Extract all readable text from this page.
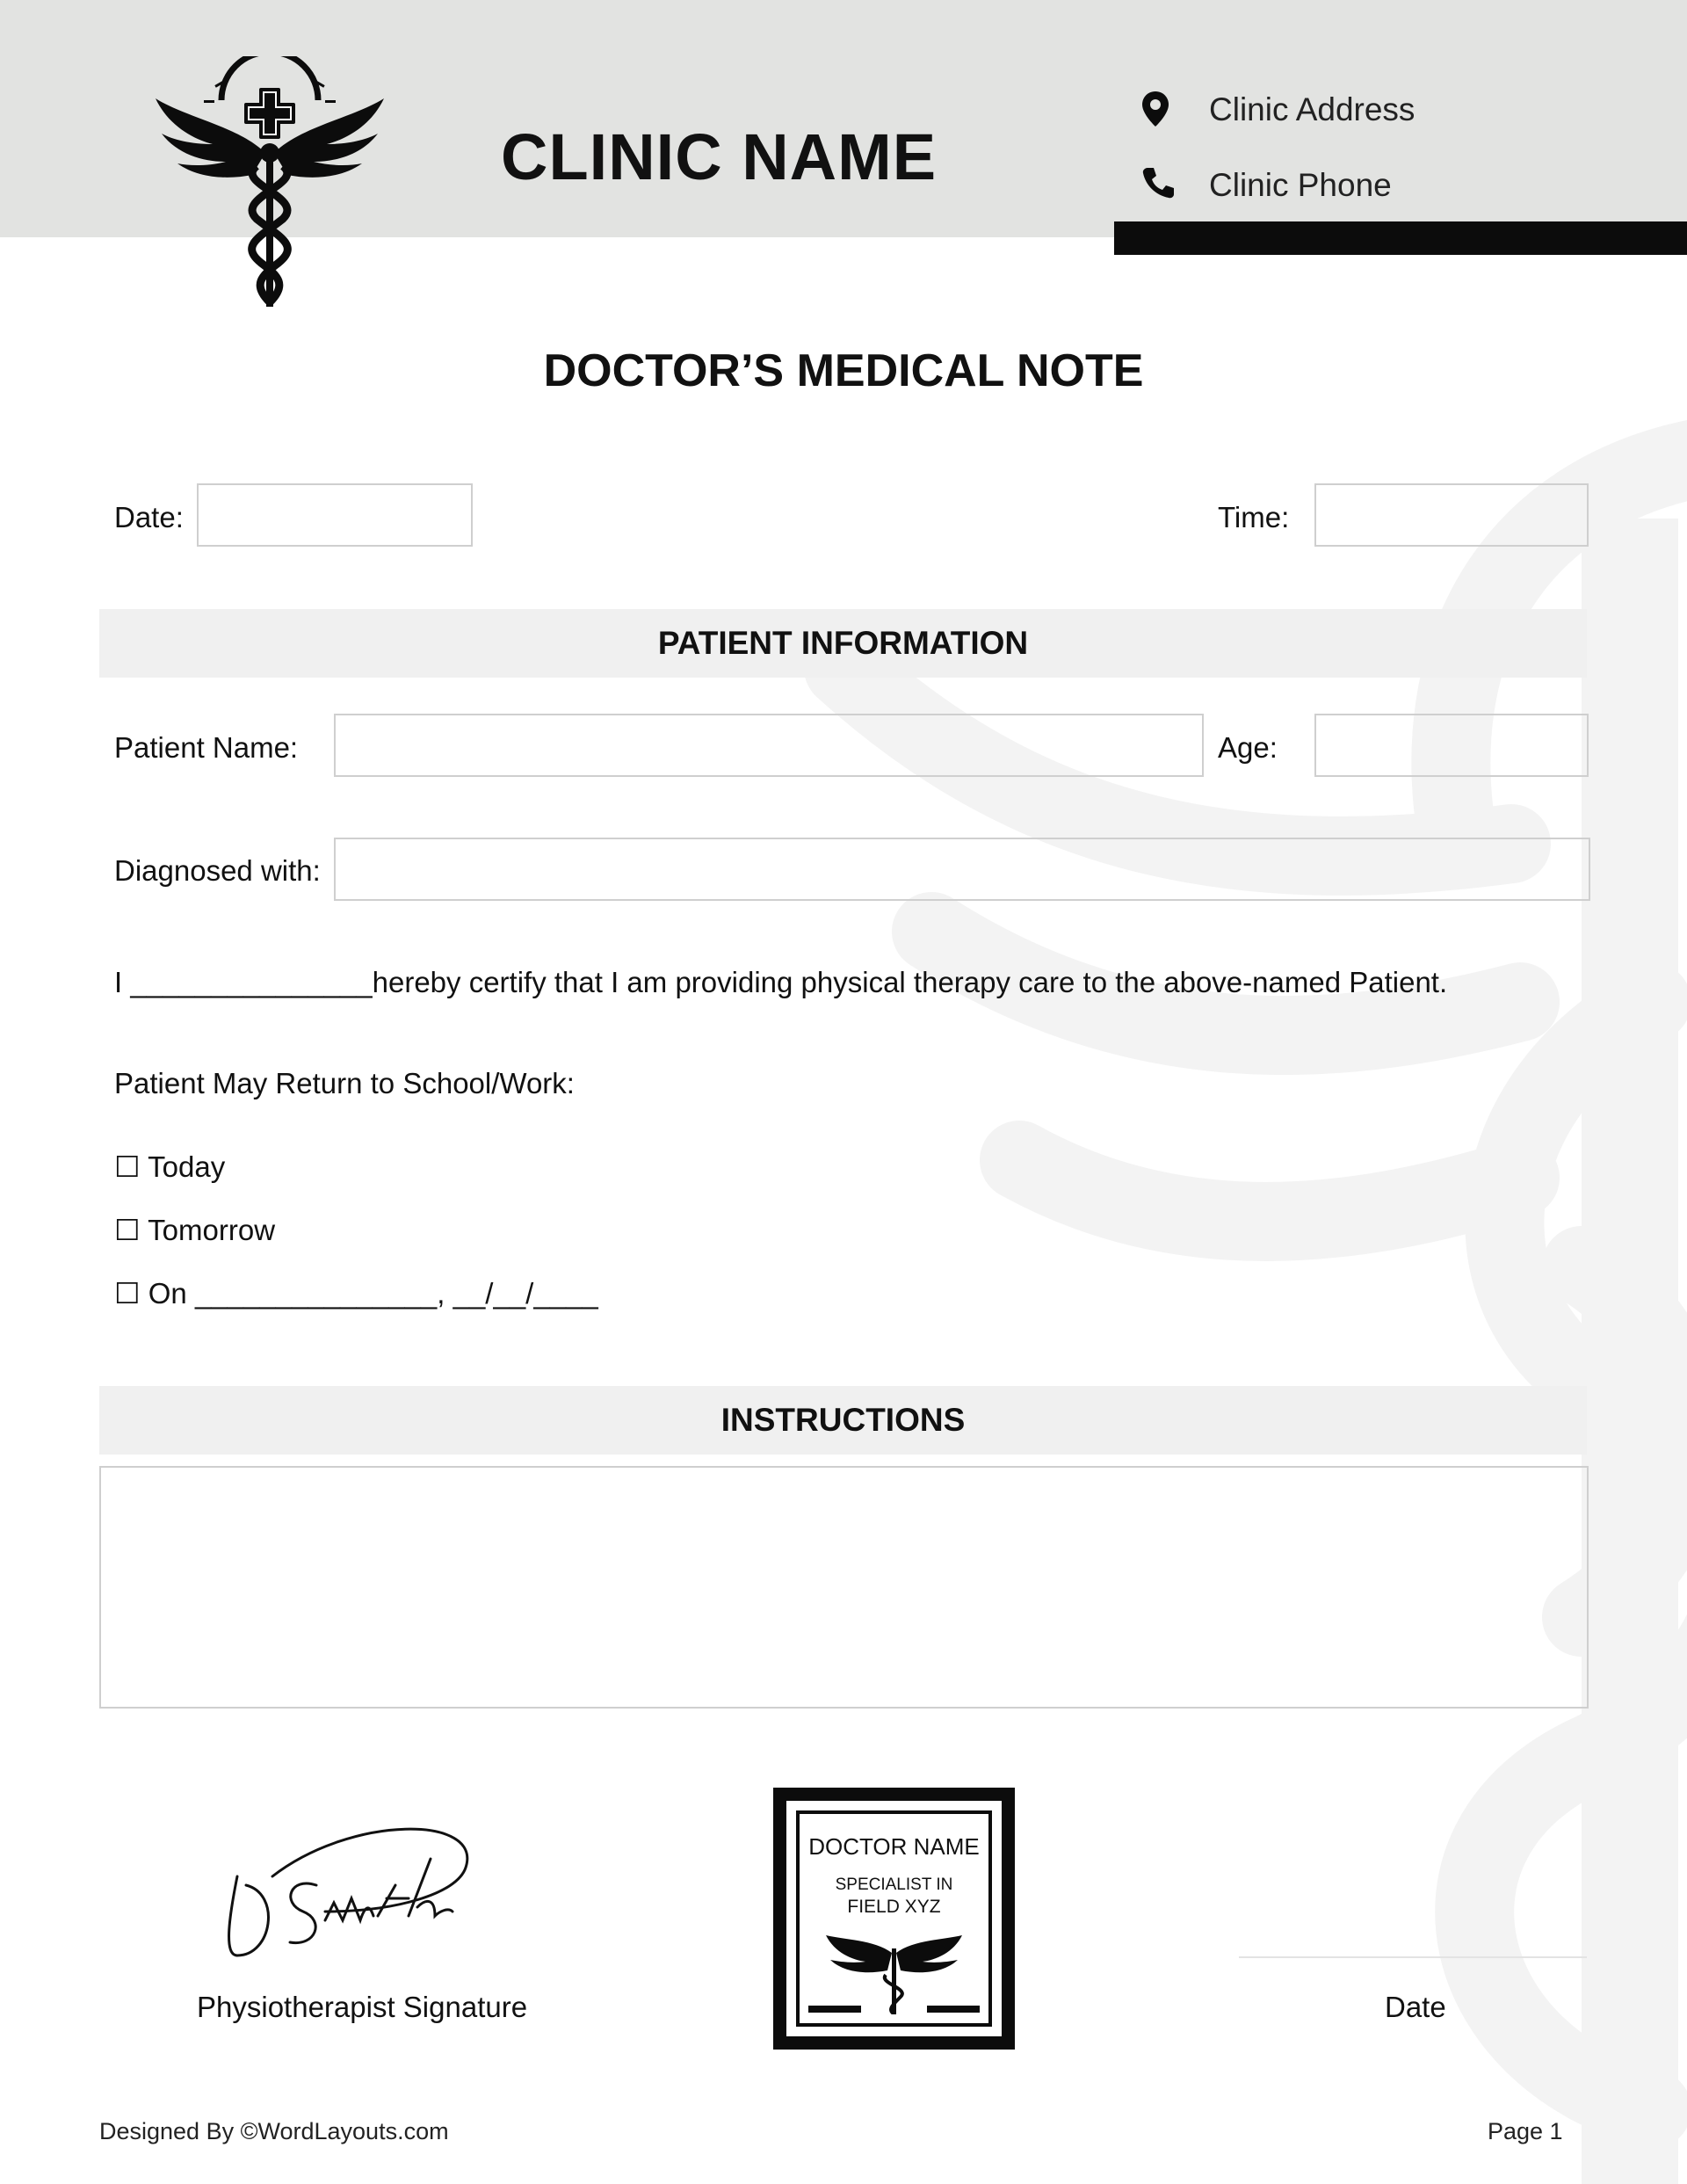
CLINIC NAME
Clinic Address
Clinic Phone
DOCTOR’S MEDICAL NOTE
Date:	Time:
PATIENT INFORMATION
Patient Name:	Age:
Diagnosed with:
I _______________hereby certify that I am providing physical therapy care to the above-named Patient.
Patient May Return to School/Work:
☐ Today
☐ Tomorrow
☐ On _______________, __/__/____
INSTRUCTIONS
Physiotherapist Signature
DOCTOR NAME
SPECIALIST IN
FIELD XYZ
Date
Designed By ©WordLayouts.com	Page 1
